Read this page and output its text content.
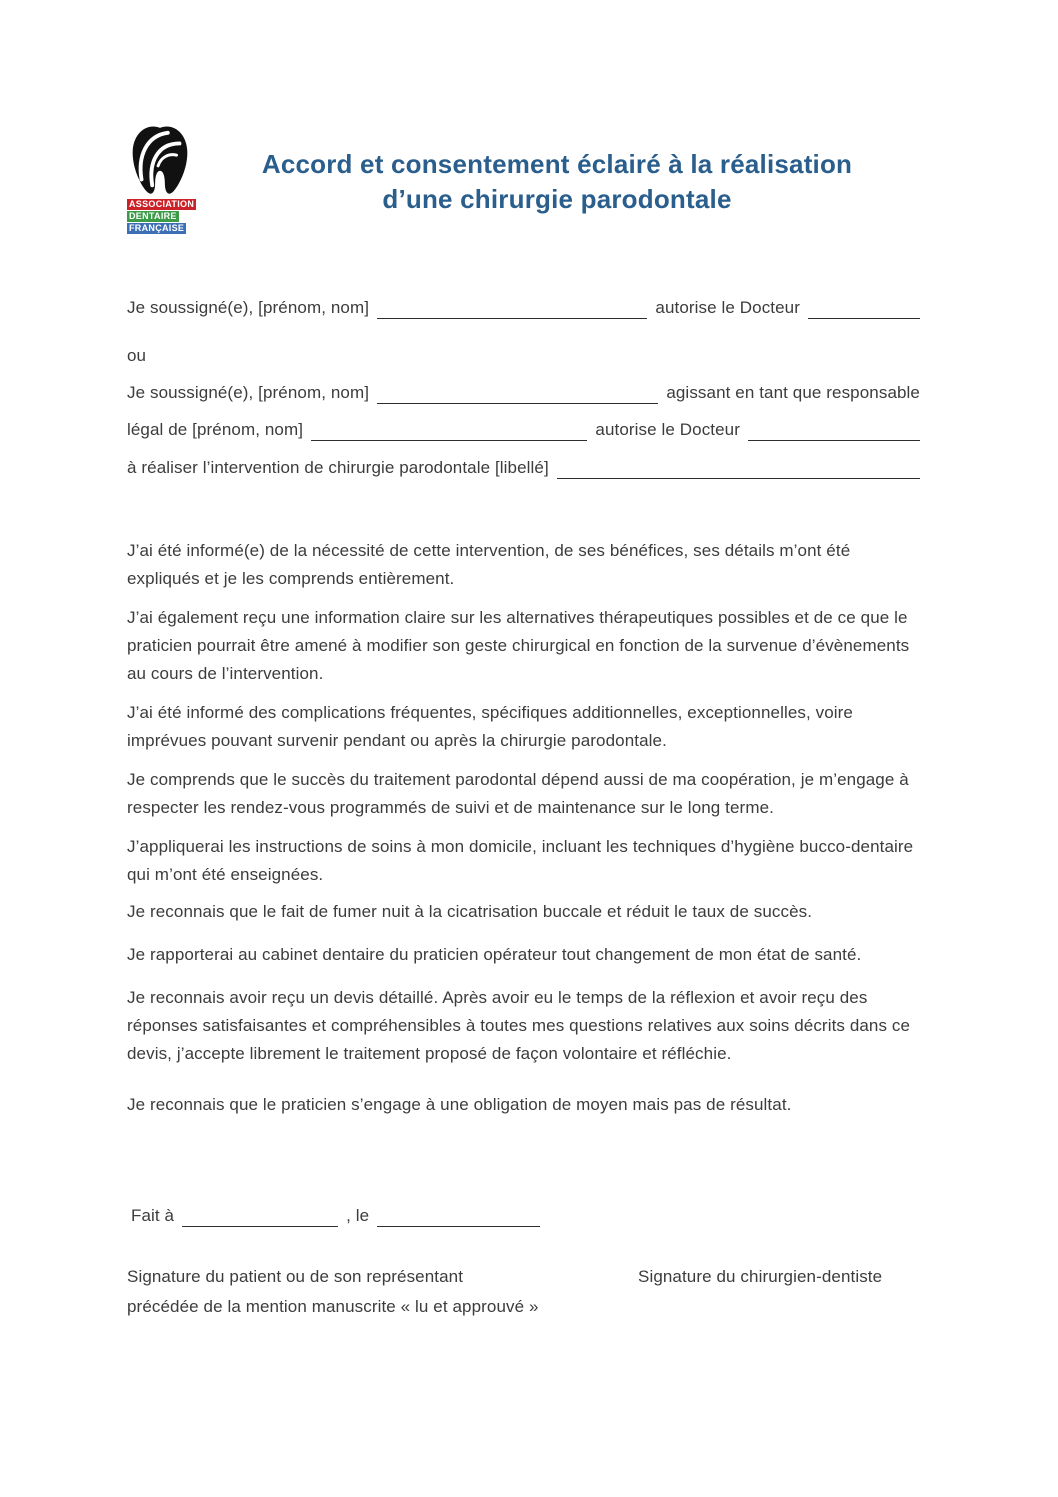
ASSOCIATION
DENTAIRE
FRANÇAISE
Accord et consentement éclairé à la réalisation
d’une chirurgie parodontale
Je soussigné(e), [prénom, nom]	autorise le Docteur
ou
Je soussigné(e), [prénom, nom]	agissant en tant que responsable
légal de [prénom, nom]	autorise le Docteur
à réaliser l’intervention de chirurgie parodontale [libellé]

J’ai été informé(e) de la nécessité de cette intervention, de ses bénéfices, ses détails m’ont été expliqués et je les comprends entièrement.

J’ai également reçu une information claire sur les alternatives thérapeutiques possibles et de ce que le praticien pourrait être amené à modifier son geste chirurgical en fonction de la survenue d’évènements au cours de l’intervention.

J’ai été informé des complications fréquentes, spécifiques additionnelles, exceptionnelles, voire imprévues pouvant survenir pendant ou après la chirurgie parodontale.

Je comprends que le succès du traitement parodontal dépend aussi de ma coopération, je m’engage à respecter les rendez-vous programmés de suivi et de maintenance sur le long terme.

J’appliquerai les instructions de soins à mon domicile, incluant les techniques d’hygiène bucco-dentaire qui m’ont été enseignées.

Je reconnais que le fait de fumer nuit à la cicatrisation buccale et réduit le taux de succès.

Je rapporterai au cabinet dentaire du praticien opérateur tout changement de mon état de santé.

Je reconnais avoir reçu un devis détaillé. Après avoir eu le temps de la réflexion et avoir reçu des réponses satisfaisantes et compréhensibles à toutes mes questions relatives aux soins décrits dans ce devis, j’accepte librement le traitement proposé de façon volontaire et réfléchie.

Je reconnais que le praticien s’engage à une obligation de moyen mais pas de résultat.

Fait à	, le
Signature du patient ou de son représentant
précédée de la mention manuscrite « lu et approuvé »
Signature du chirurgien-dentiste
